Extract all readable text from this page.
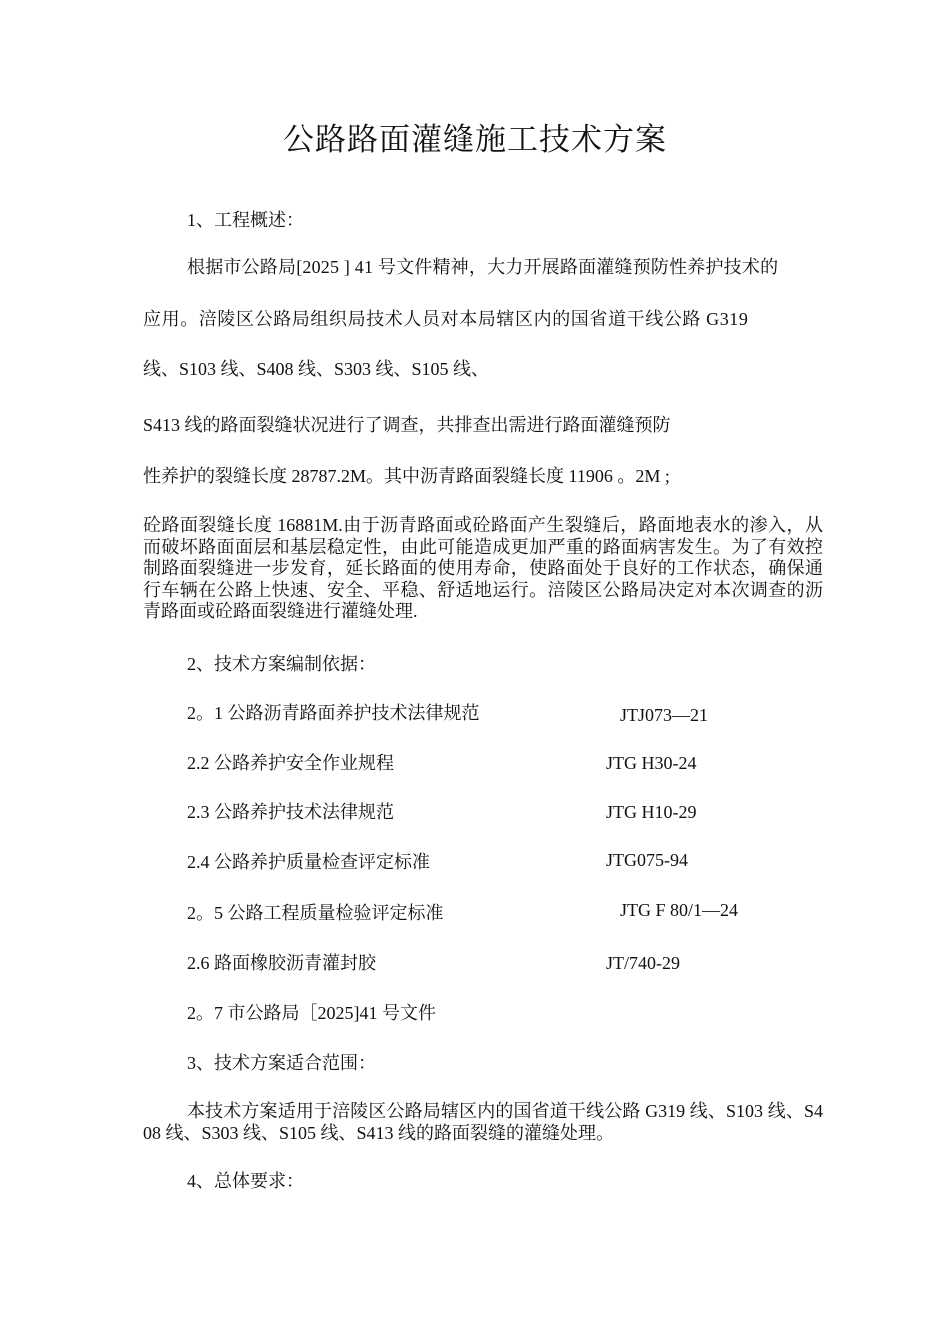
公路路面灌缝施工技术方案
1、工程概述：
根据市公路局[2025 ] 41 号文件精神，大力开展路面灌缝预防性养护技术的
应用。涪陵区公路局组织局技术人员对本局辖区内的国省道干线公路 G319
线、S103 线、S408 线、S303 线、S105 线、
S413 线的路面裂缝状况进行了调查，共排查出需进行路面灌缝预防
性养护的裂缝长度 28787.2M。其中沥青路面裂缝长度 11906 。2M ;
砼路面裂缝长度 16881M.由于沥青路面或砼路面产生裂缝后，路面地表水的渗入，从而破坏路面面层和基层稳定性，由此可能造成更加严重的路面病害发生。为了有效控制路面裂缝进一步发育，延长路面的使用寿命，使路面处于良好的工作状态，确保通行车辆在公路上快速、安全、平稳、舒适地运行。涪陵区公路局决定对本次调查的沥青路面或砼路面裂缝进行灌缝处理.
2、技术方案编制依据：
2。1 公路沥青路面养护技术法律规范	JTJ073—21
2.2 公路养护安全作业规程	JTG H30-24
2.3 公路养护技术法律规范	JTG H10-29
2.4 公路养护质量检查评定标准	JTG075-94
2。5 公路工程质量检验评定标准	JTG F 80/1—24
2.6 路面橡胶沥青灌封胶	JT/740-29
2。7 市公路局［2025]41 号文件
3、技术方案适合范围：
本技术方案适用于涪陵区公路局辖区内的国省道干线公路 G319 线、S103 线、S408 线、S303 线、S105 线、S413 线的路面裂缝的灌缝处理。
4、总体要求：
